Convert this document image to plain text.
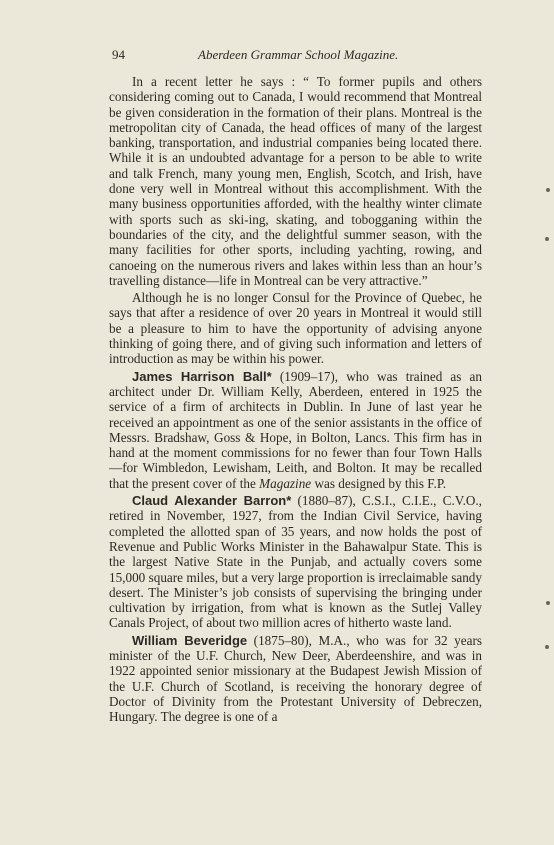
94	Aberdeen Grammar School Magazine.

In a recent letter he says : “ To former pupils and others considering coming out to Canada, I would recommend that Montreal be given consideration in the formation of their plans. Montreal is the metropolitan city of Canada, the head offices of many of the largest banking, transportation, and industrial companies being located there. While it is an undoubted advantage for a person to be able to write and talk French, many young men, English, Scotch, and Irish, have done very well in Montreal without this accomplishment. With the many business opportunities afforded, with the healthy winter climate with sports such as ski-ing, skating, and tobogganing within the boundaries of the city, and the delightful summer season, with the many facilities for other sports, including yachting, rowing, and canoeing on the numerous rivers and lakes within less than an hour’s travelling distance—life in Montreal can be very attractive.”

Although he is no longer Consul for the Province of Quebec, he says that after a residence of over 20 years in Montreal it would still be a pleasure to him to have the opportunity of advising anyone thinking of going there, and of giving such information and letters of introduction as may be within his power.

James Harrison Ball* (1909–17), who was trained as an architect under Dr. William Kelly, Aberdeen, entered in 1925 the service of a firm of architects in Dublin. In June of last year he received an appointment as one of the senior assistants in the office of Messrs. Bradshaw, Goss & Hope, in Bolton, Lancs. This firm has in hand at the moment commissions for no fewer than four Town Halls—for Wimbledon, Lewisham, Leith, and Bolton. It may be recalled that the present cover of the Magazine was designed by this F.P.

Claud Alexander Barron* (1880–87), C.S.I., C.I.E., C.V.O., retired in November, 1927, from the Indian Civil Service, having completed the allotted span of 35 years, and now holds the post of Revenue and Public Works Minister in the Bahawalpur State. This is the largest Native State in the Punjab, and actually covers some 15,000 square miles, but a very large proportion is irreclaimable sandy desert. The Minister’s job consists of supervising the bringing under cultivation by irrigation, from what is known as the Sutlej Valley Canals Project, of about two million acres of hitherto waste land.

William Beveridge (1875–80), M.A., who was for 32 years minister of the U.F. Church, New Deer, Aberdeenshire, and was in 1922 appointed senior missionary at the Budapest Jewish Mission of the U.F. Church of Scotland, is receiving the honorary degree of Doctor of Divinity from the Protestant University of Debreczen, Hungary. The degree is one of a
